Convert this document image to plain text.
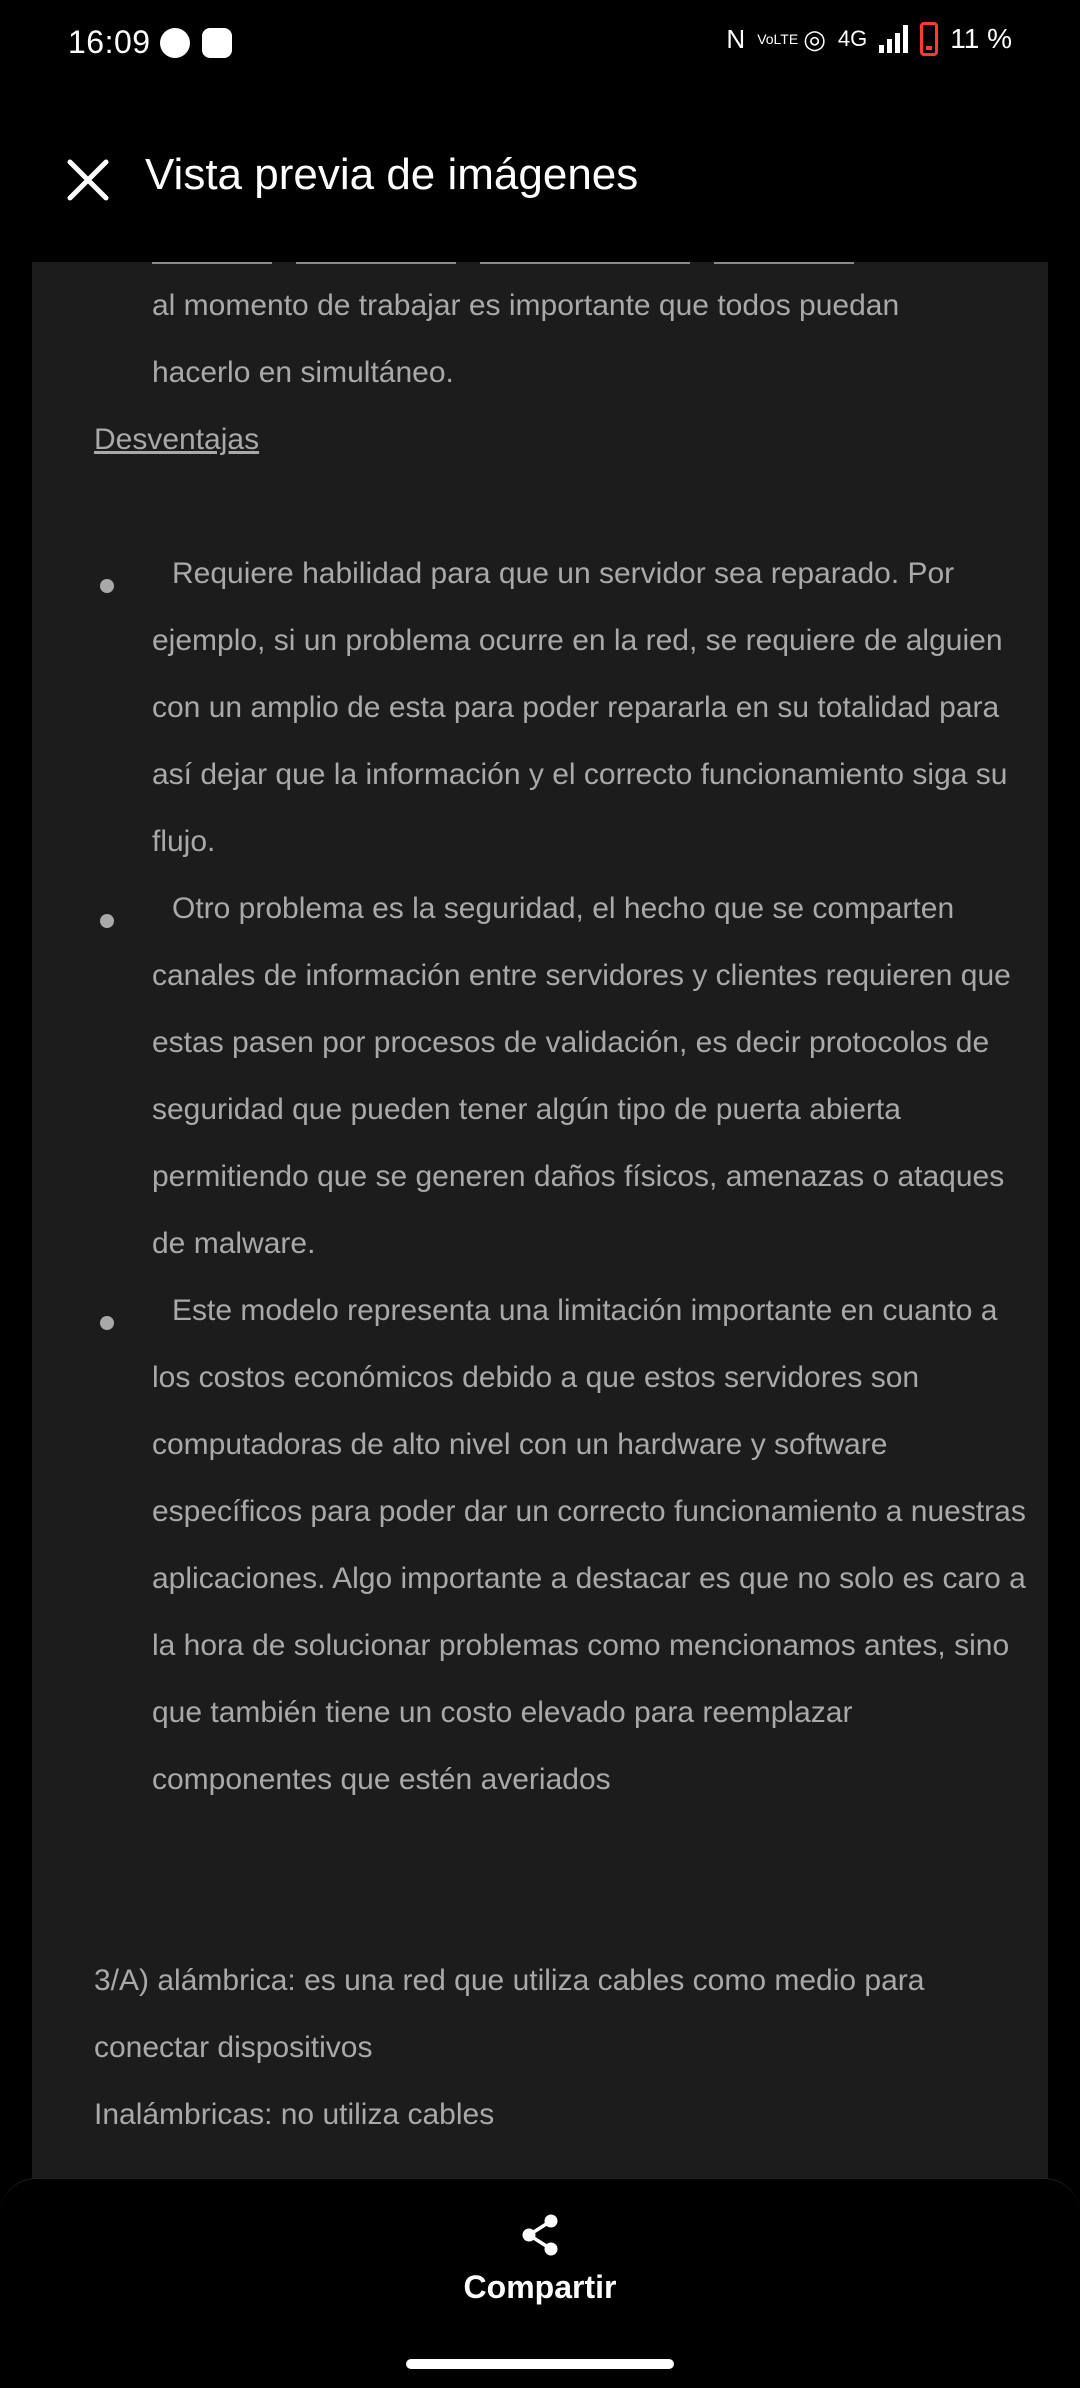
16:09	N VoLTE ◎ 4G	11 %
Vista previa de imágenes
al momento de trabajar es importante que todos puedan
hacerlo en simultáneo.
Desventajas
Requiere habilidad para que un servidor sea reparado. Por ejemplo, si un problema ocurre en la red, se requiere de alguien con un amplio de esta para poder repararla en su totalidad para así dejar que la información y el correcto funcionamiento siga su flujo.
Otro problema es la seguridad, el hecho que se comparten canales de información entre servidores y clientes requieren que estas pasen por procesos de validación, es decir protocolos de seguridad que pueden tener algún tipo de puerta abierta permitiendo que se generen daños físicos, amenazas o ataques de malware.
Este modelo representa una limitación importante en cuanto a los costos económicos debido a que estos servidores son computadoras de alto nivel con un hardware y software específicos para poder dar un correcto funcionamiento a nuestras aplicaciones. Algo importante a destacar es que no solo es caro a la hora de solucionar problemas como mencionamos antes, sino que también tiene un costo elevado para reemplazar componentes que estén averiados
3/A) alámbrica: es una red que utiliza cables como medio para conectar dispositivos
Inalámbricas: no utiliza cables
Compartir
